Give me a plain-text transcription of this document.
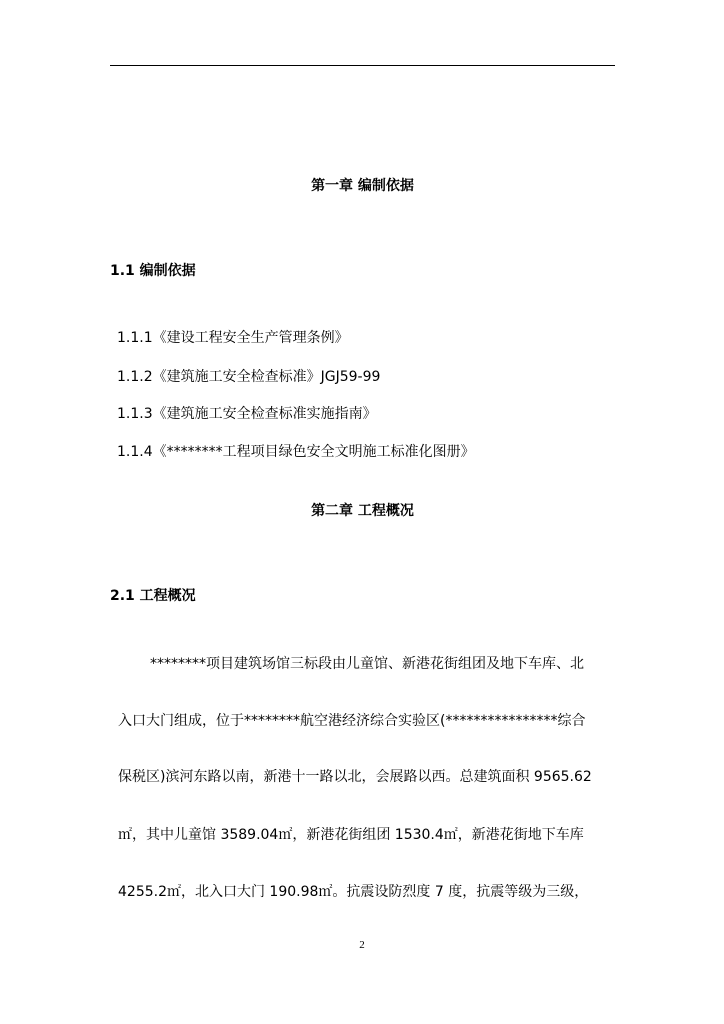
第一章 编制依据
1.1 编制依据
1.1.1《建设工程安全生产管理条例》
1.1.2《建筑施工安全检查标准》JGJ59-99
1.1.3《建筑施工安全检查标准实施指南》
1.1.4《********工程项目绿色安全文明施工标准化图册》
第二章 工程概况
2.1 工程概况
********项目建筑场馆三标段由儿童馆、新港花街组团及地下车库、北
入口大门组成，位于********航空港经济综合实验区(****************综合
保税区)滨河东路以南，新港十一路以北，会展路以西。总建筑面积 9565.62
㎡，其中儿童馆 3589.04㎡，新港花街组团 1530.4㎡，新港花街地下车库
4255.2㎡，北入口大门 190.98㎡。抗震设防烈度 7 度，抗震等级为三级，
2
